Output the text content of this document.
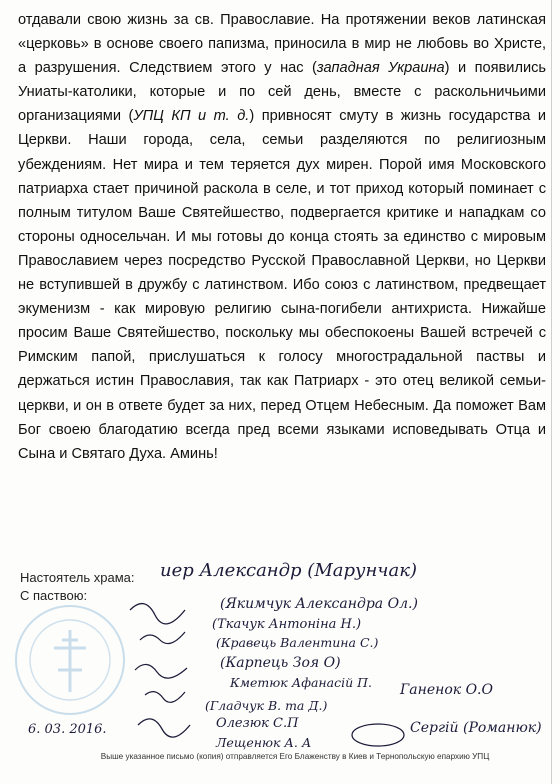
отдавали свою жизнь за св. Православие. На протяжении веков латинская «церковь» в основе своего папизма, приносила в мир не любовь во Христе, а разрушения. Следствием этого у нас (западная Украина) и появились Униаты-католики, которые и по сей день, вместе с раскольничьими организациями (УПЦ КП и т. д.) привносят смуту в жизнь государства и Церкви. Наши города, села, семьи разделяются по религиозным убеждениям. Нет мира и тем теряется дух мирен. Порой имя Московского патриарха стает причиной раскола в селе, и тот приход который поминает с полным титулом Ваше Святейшество, подвергается критике и нападкам со стороны односельчан. И мы готовы до конца стоять за единство с мировым Православием через посредство Русской Православной Церкви, но Церкви не вступившей в дружбу с латинством. Ибо союз с латинством, предвещает экуменизм - как мировую религию сына-погибели антихриста. Нижайше просим Ваше Святейшество, поскольку мы обеспокоены Вашей встречей с Римским папой, прислушаться к голосу многострадальной паствы и держаться истин Православия, так как Патриарх - это отец великой семьи-церкви, и он в ответе будет за них, перед Отцем Небесным. Да поможет Вам Бог своею благодатию всегда пред всеми языками исповедывать Отца и Сына и Святаго Духа. Аминь!

Настоятель храма: иер Александр (Марунчак)
С паствою:
(Якимчук Александра Ол.)
(Ткачук Антоніна Н.)
(Кравець Валентина С.)
(Карпець Зоя О)
Кметюк Афанасій П.
(Гладчук В. та Д.)
Ганенок О.О
Олезюк С.П
Лещенюк А. А
Сергій (Романюк)
6. 03. 2016.
Выше указанное письмо (копия) отправляется Его Блаженству в Киев и Тернопольскую епархию УПЦ
